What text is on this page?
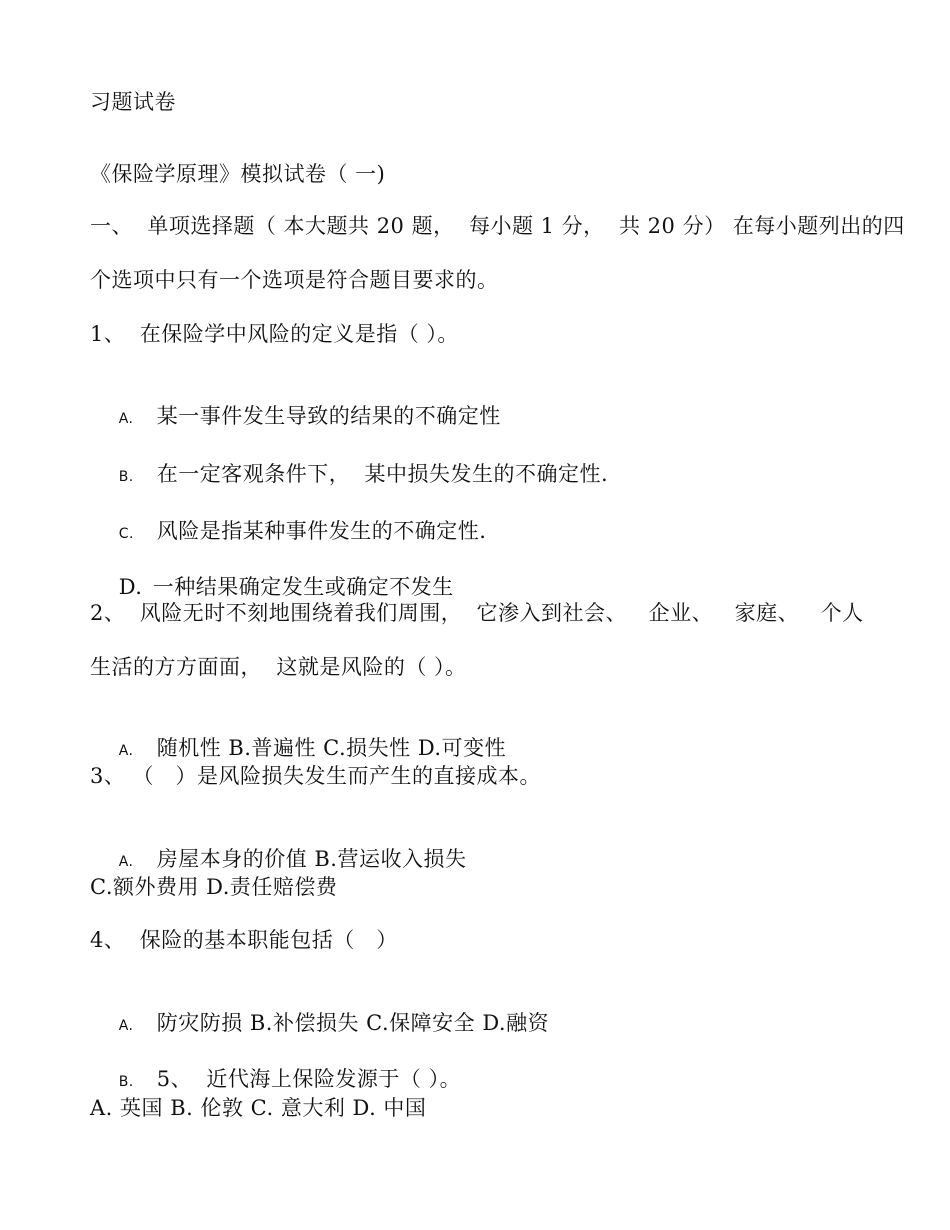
习题试卷
《保险学原理》模拟试卷（ 一)
一、  单项选择题（ 本大题共 20 题，  每小题 1 分，  共 20 分） 在每小题列出的四
个选项中只有一个选项是符合题目要求的。
1、  在保险学中风险的定义是指（ ）。

A. 某一事件发生导致的结果的不确定性

B. 在一定客观条件下，  某中损失发生的不确定性.

C. 风险是指某种事件发生的不确定性.

D. 一种结果确定发生或确定不发生

2、  风险无时不刻地围绕着我们周围，  它渗入到社会、   企业、   家庭、   个人
生活的方方面面，  这就是风险的（ ）。

A. 随机性 B.普遍性 C.损失性 D.可变性

3、 （   ）是风险损失发生而产生的直接成本。

A. 房屋本身的价值 B.营运收入损失

C.额外费用 D.责任赔偿费
4、  保险的基本职能包括（   ）

A. 防灾防损 B.补偿损失 C.保障安全 D.融资

B. 5、  近代海上保险发源于（ ）。

A. 英国 B. 伦敦 C. 意大利 D. 中国
